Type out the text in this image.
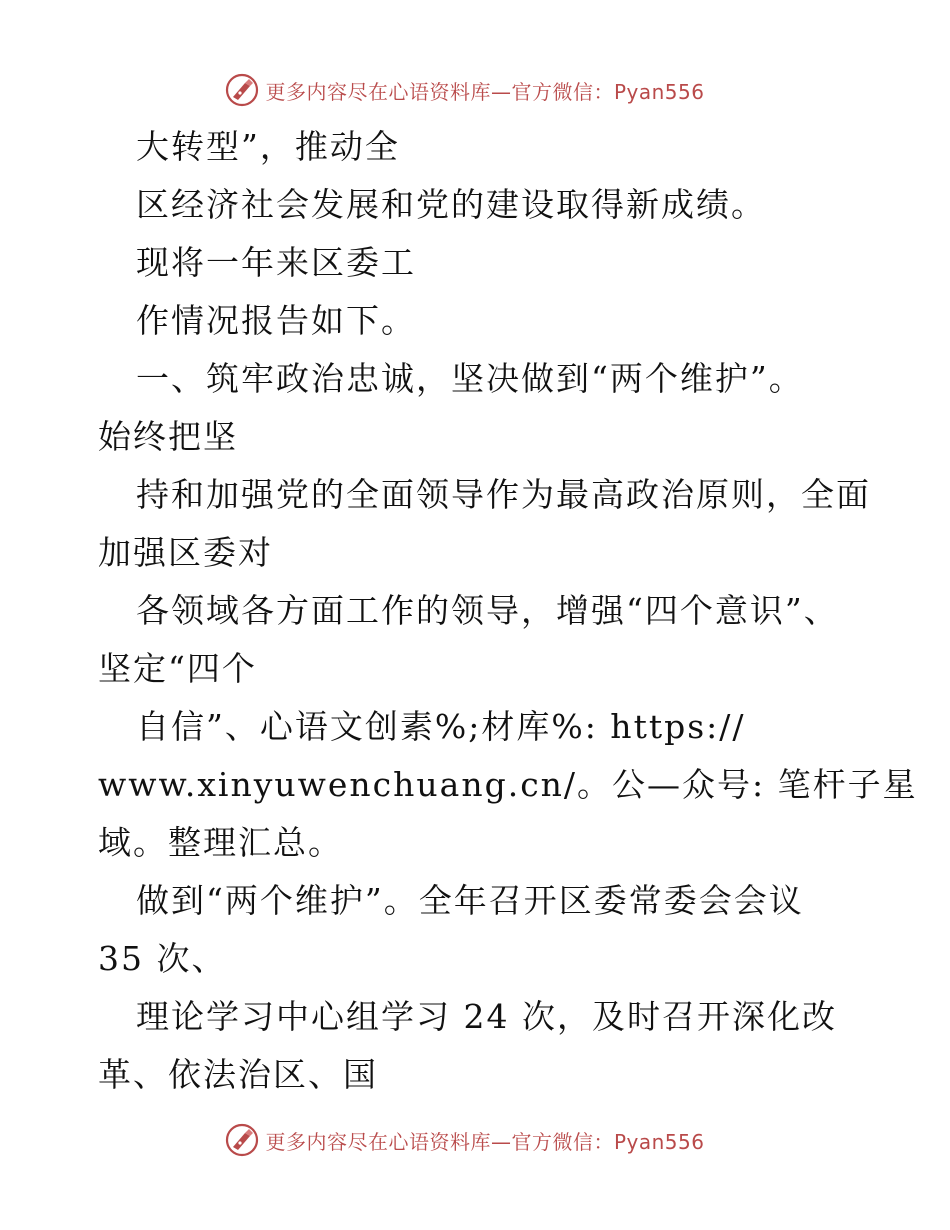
更多内容尽在心语资料库—官方微信：Pyan556
大转型”，推动全
区经济社会发展和党的建设取得新成绩。
现将一年来区委工
作情况报告如下。
一、筑牢政治忠诚，坚决做到“两个维护”。
始终把坚
持和加强党的全面领导作为最高政治原则，全面
加强区委对
各领域各方面工作的领导，增强“四个意识”、
坚定“四个
自信”、心语文创素%;材库%: https://
www.xinyuwenchuang.cn/。公—众号: 笔杆子星
域。整理汇总。
做到“两个维护”。全年召开区委常委会会议
35 次、
理论学习中心组学习 24 次，及时召开深化改
革、依法治区、国
更多内容尽在心语资料库—官方微信：Pyan556
